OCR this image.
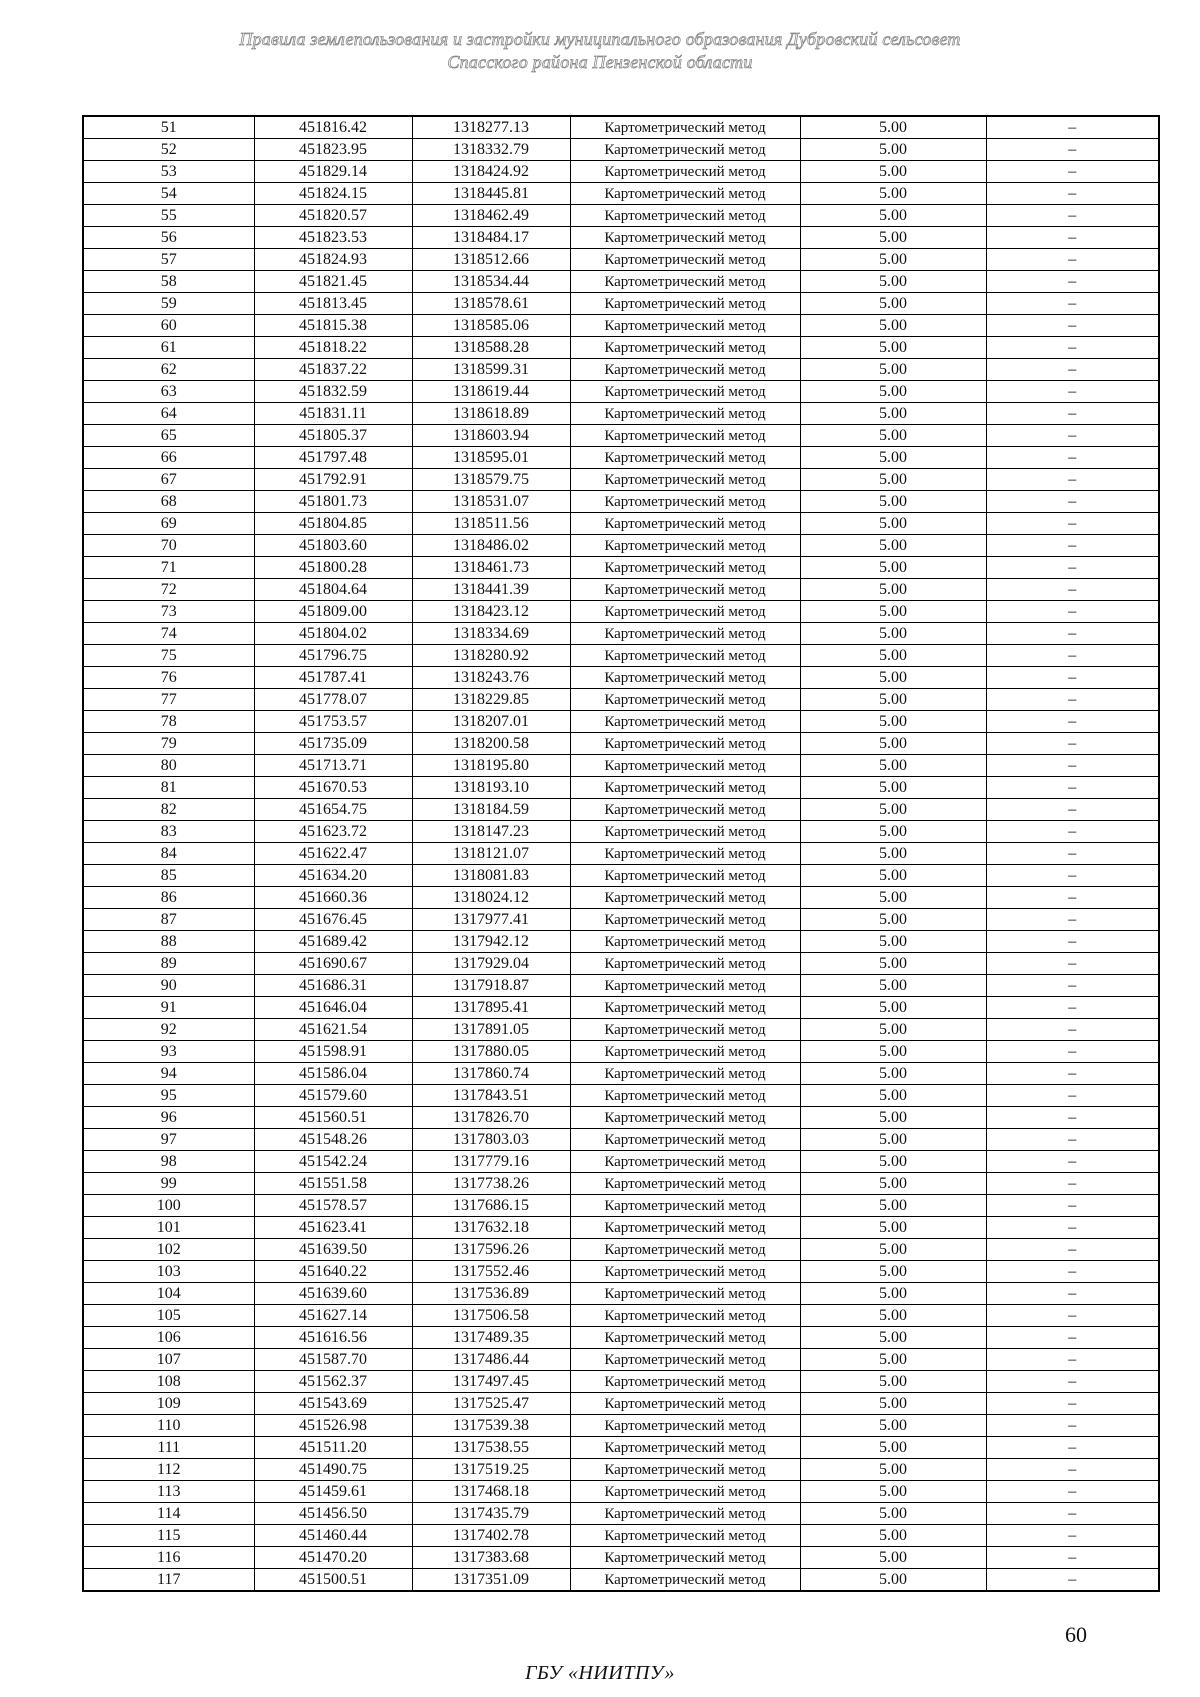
Правила землепользования и застройки муниципального образования Дубровский сельсовет
Спасского района Пензенской области
51	451816.42	1318277.13	Картометрический метод	5.00	–
52	451823.95	1318332.79	Картометрический метод	5.00	–
53	451829.14	1318424.92	Картометрический метод	5.00	–
54	451824.15	1318445.81	Картометрический метод	5.00	–
55	451820.57	1318462.49	Картометрический метод	5.00	–
56	451823.53	1318484.17	Картометрический метод	5.00	–
57	451824.93	1318512.66	Картометрический метод	5.00	–
58	451821.45	1318534.44	Картометрический метод	5.00	–
59	451813.45	1318578.61	Картометрический метод	5.00	–
60	451815.38	1318585.06	Картометрический метод	5.00	–
61	451818.22	1318588.28	Картометрический метод	5.00	–
62	451837.22	1318599.31	Картометрический метод	5.00	–
63	451832.59	1318619.44	Картометрический метод	5.00	–
64	451831.11	1318618.89	Картометрический метод	5.00	–
65	451805.37	1318603.94	Картометрический метод	5.00	–
66	451797.48	1318595.01	Картометрический метод	5.00	–
67	451792.91	1318579.75	Картометрический метод	5.00	–
68	451801.73	1318531.07	Картометрический метод	5.00	–
69	451804.85	1318511.56	Картометрический метод	5.00	–
70	451803.60	1318486.02	Картометрический метод	5.00	–
71	451800.28	1318461.73	Картометрический метод	5.00	–
72	451804.64	1318441.39	Картометрический метод	5.00	–
73	451809.00	1318423.12	Картометрический метод	5.00	–
74	451804.02	1318334.69	Картометрический метод	5.00	–
75	451796.75	1318280.92	Картометрический метод	5.00	–
76	451787.41	1318243.76	Картометрический метод	5.00	–
77	451778.07	1318229.85	Картометрический метод	5.00	–
78	451753.57	1318207.01	Картометрический метод	5.00	–
79	451735.09	1318200.58	Картометрический метод	5.00	–
80	451713.71	1318195.80	Картометрический метод	5.00	–
81	451670.53	1318193.10	Картометрический метод	5.00	–
82	451654.75	1318184.59	Картометрический метод	5.00	–
83	451623.72	1318147.23	Картометрический метод	5.00	–
84	451622.47	1318121.07	Картометрический метод	5.00	–
85	451634.20	1318081.83	Картометрический метод	5.00	–
86	451660.36	1318024.12	Картометрический метод	5.00	–
87	451676.45	1317977.41	Картометрический метод	5.00	–
88	451689.42	1317942.12	Картометрический метод	5.00	–
89	451690.67	1317929.04	Картометрический метод	5.00	–
90	451686.31	1317918.87	Картометрический метод	5.00	–
91	451646.04	1317895.41	Картометрический метод	5.00	–
92	451621.54	1317891.05	Картометрический метод	5.00	–
93	451598.91	1317880.05	Картометрический метод	5.00	–
94	451586.04	1317860.74	Картометрический метод	5.00	–
95	451579.60	1317843.51	Картометрический метод	5.00	–
96	451560.51	1317826.70	Картометрический метод	5.00	–
97	451548.26	1317803.03	Картометрический метод	5.00	–
98	451542.24	1317779.16	Картометрический метод	5.00	–
99	451551.58	1317738.26	Картометрический метод	5.00	–
100	451578.57	1317686.15	Картометрический метод	5.00	–
101	451623.41	1317632.18	Картометрический метод	5.00	–
102	451639.50	1317596.26	Картометрический метод	5.00	–
103	451640.22	1317552.46	Картометрический метод	5.00	–
104	451639.60	1317536.89	Картометрический метод	5.00	–
105	451627.14	1317506.58	Картометрический метод	5.00	–
106	451616.56	1317489.35	Картометрический метод	5.00	–
107	451587.70	1317486.44	Картометрический метод	5.00	–
108	451562.37	1317497.45	Картометрический метод	5.00	–
109	451543.69	1317525.47	Картометрический метод	5.00	–
110	451526.98	1317539.38	Картометрический метод	5.00	–
111	451511.20	1317538.55	Картометрический метод	5.00	–
112	451490.75	1317519.25	Картометрический метод	5.00	–
113	451459.61	1317468.18	Картометрический метод	5.00	–
114	451456.50	1317435.79	Картометрический метод	5.00	–
115	451460.44	1317402.78	Картометрический метод	5.00	–
116	451470.20	1317383.68	Картометрический метод	5.00	–
117	451500.51	1317351.09	Картометрический метод	5.00	–
60
ГБУ «НИИТПУ»
